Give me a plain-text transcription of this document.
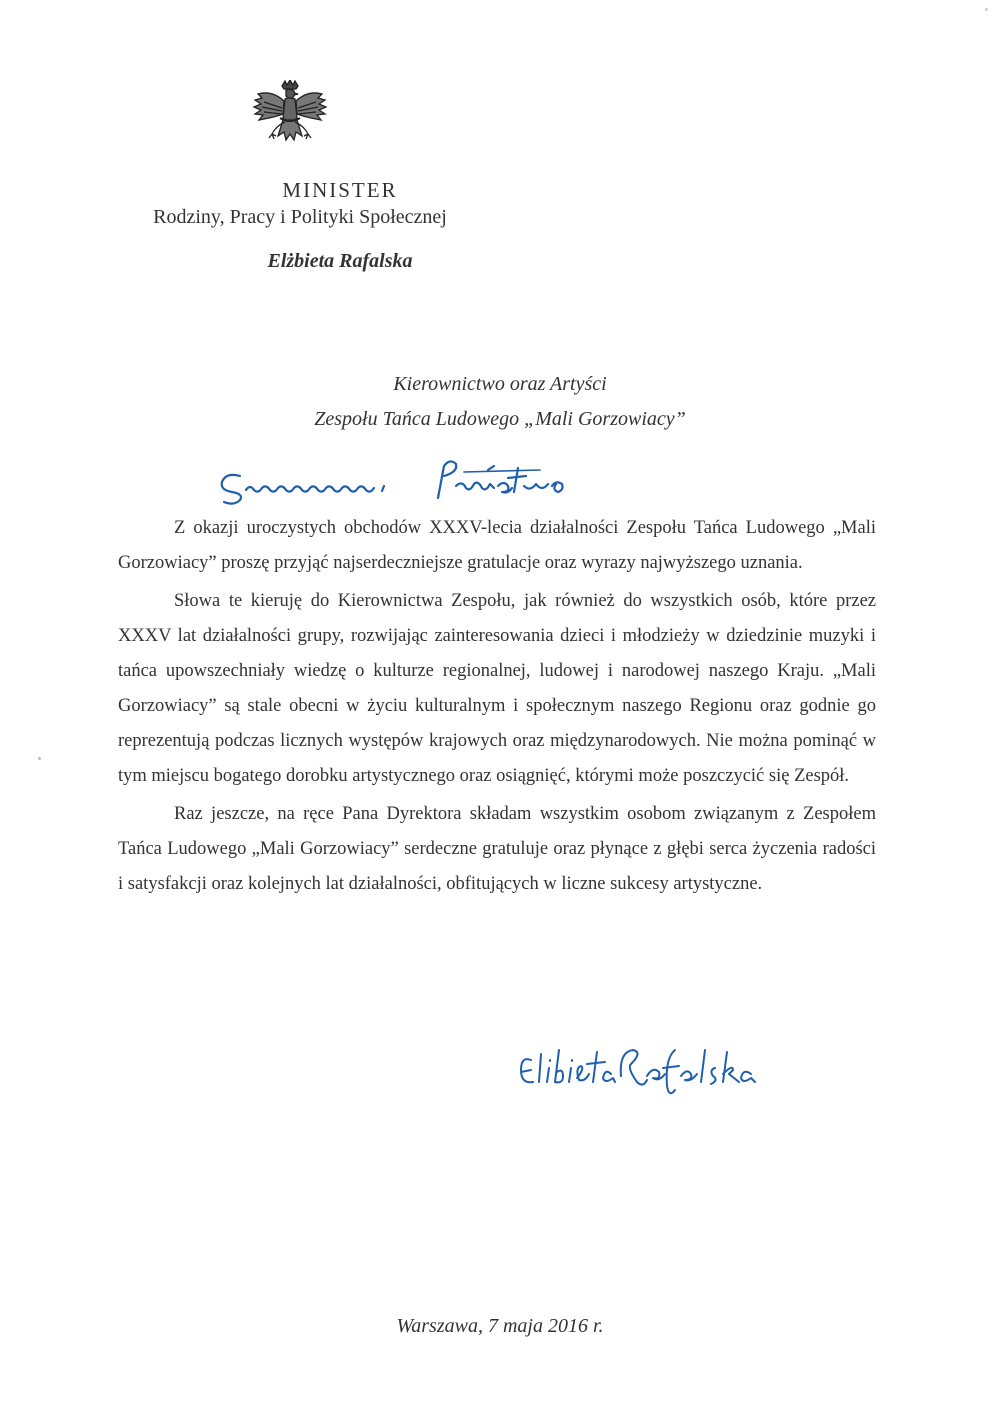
MINISTER
Rodziny, Pracy i Polityki Społecznej
Elżbieta Rafalska
Kierownictwo oraz Artyści
Zespołu Tańca Ludowego „Mali Gorzowiacy”

Z okazji uroczystych obchodów XXXV-lecia działalności Zespołu Tańca Ludowego „Mali Gorzowiacy” proszę przyjąć najserdeczniejsze gratulacje oraz wyrazy najwyższego uznania.

Słowa te kieruję do Kierownictwa Zespołu, jak również do wszystkich osób, które przez XXXV lat działalności grupy, rozwijając zainteresowania dzieci i młodzieży w dziedzinie muzyki i tańca upowszechniały wiedzę o kulturze regionalnej, ludowej i narodowej naszego Kraju. „Mali Gorzowiacy” są stale obecni w życiu kulturalnym i społecznym naszego Regionu oraz godnie go reprezentują podczas licznych występów krajowych oraz międzynarodowych. Nie można pominąć w tym miejscu bogatego dorobku artystycznego oraz osiągnięć, którymi może poszczycić się Zespół.

Raz jeszcze, na ręce Pana Dyrektora składam wszystkim osobom związanym z Zespołem Tańca Ludowego „Mali Gorzowiacy” serdeczne gratuluje oraz płynące z głębi serca życzenia radości i satysfakcji oraz kolejnych lat działalności, obfitujących w liczne sukcesy artystyczne.

Warszawa, 7 maja 2016 r.
